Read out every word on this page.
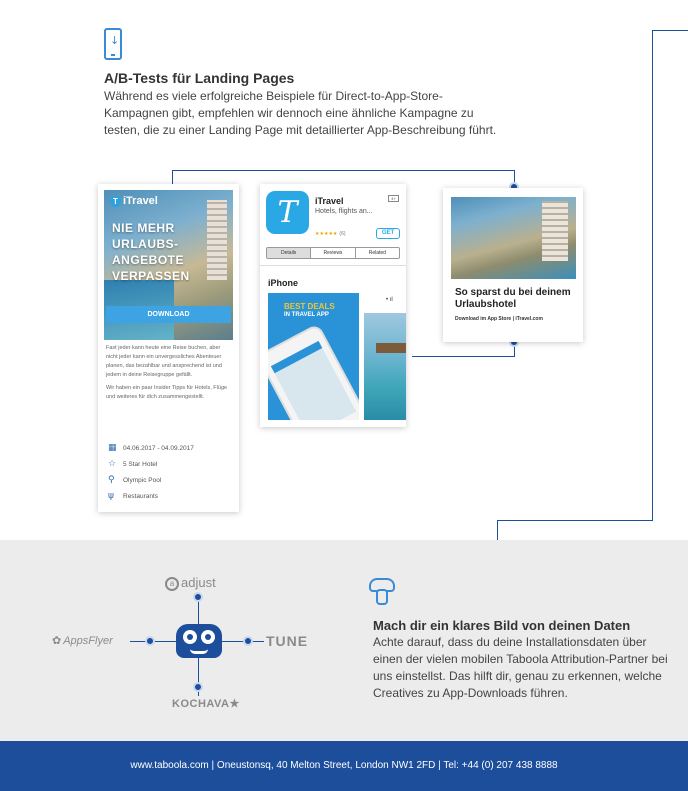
↓
A/B-Tests für Landing Pages
Während es viele erfolgreiche Beispiele für Direct-to-App-Store-Kampagnen gibt, empfehlen wir dennoch eine ähnliche Kampagne zu testen, die zu einer Landing Page mit detaillierter App-Beschreibung führt.
T iTravel
NIE MEHR URLAUBS-ANGEBOTE VERPASSEN
DOWNLOAD

Fast jeder kann heute eine Reise buchen, aber nicht jeder kann ein unvergessliches Abenteuer planen, das bezahlbar und ansprechend ist und jedem in deine Reisegruppe gefällt.

Wir haben ein paar Insider Tipps für Hotels, Flüge und weiteres für dich zusammengestellt.

▦ 04.06.2017 - 04.09.2017
☆ 5 Star Hotel
⚲ Olympic Pool
ψ Restaurants
T	iTravel
Hotels, flights an...
4+
★★★★★ (6)	GET
Details	Reviews	Related
iPhone
BEST DEALS
IN TRAVEL APP
• ıl
So sparst du bei deinem Urlaubshotel
Download im App Store | iTravel.com
a adjust
✿ AppsFlyer	TUNE
KOCHAVA★
Mach dir ein klares Bild von deinen Daten
Achte darauf, dass du deine Installationsdaten über einen der vielen mobilen Taboola Attribution-Partner bei uns einstellst. Das hilft dir, genau zu erkennen, welche Creatives zu App-Downloads führen.
www.taboola.com | Oneustonsq, 40 Melton Street, London NW1 2FD | Tel: +44 (0) 207 438 8888
